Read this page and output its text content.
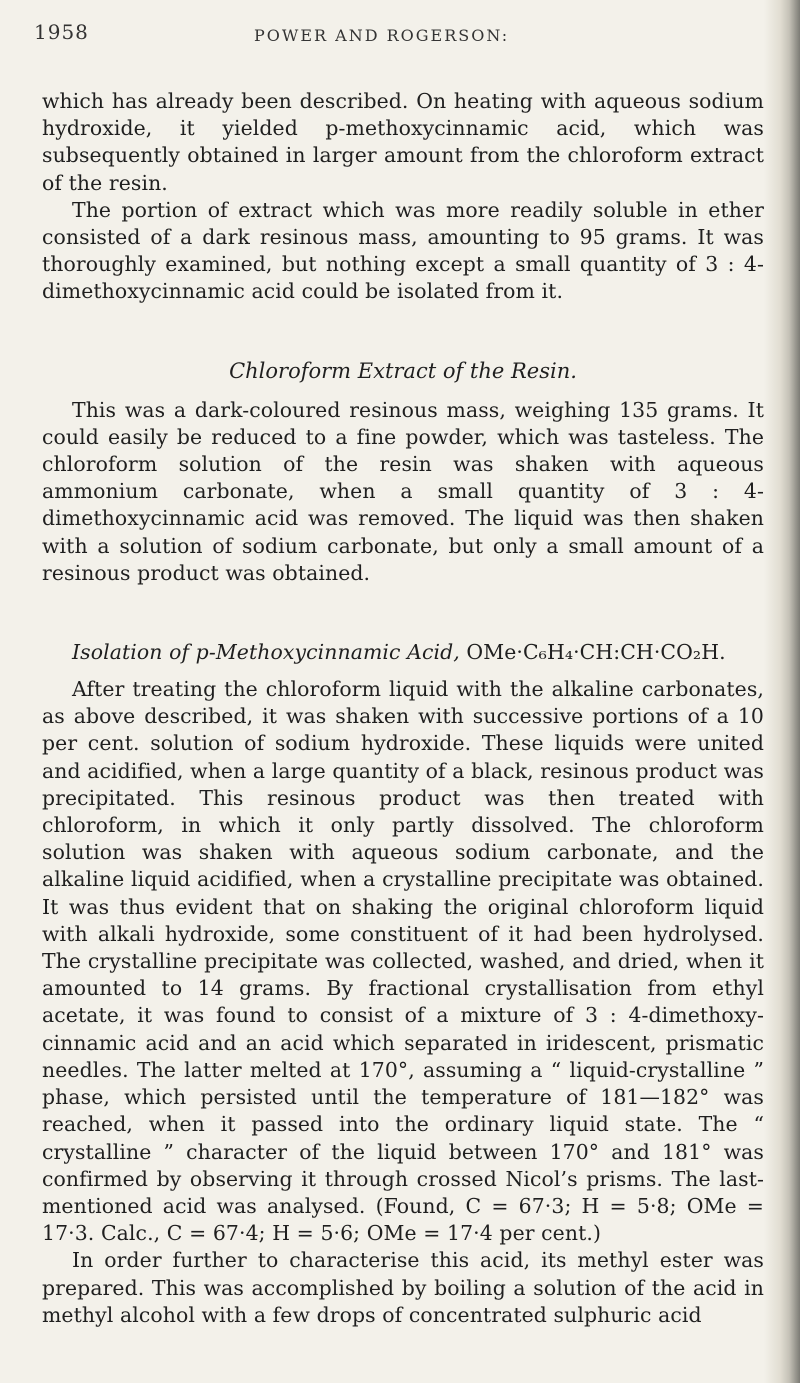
1958	POWER AND ROGERSON:

which has already been described. On heating with aqueous sodium hydroxide, it yielded p-methoxycinnamic acid, which was subsequently obtained in larger amount from the chloroform extract of the resin.

The portion of extract which was more readily soluble in ether consisted of a dark resinous mass, amounting to 95 grams. It was thoroughly examined, but nothing except a small quantity of 3 : 4-dimethoxycinnamic acid could be isolated from it.

Chloroform Extract of the Resin.

This was a dark-coloured resinous mass, weighing 135 grams. It could easily be reduced to a fine powder, which was tasteless. The chloroform solution of the resin was shaken with aqueous ammonium carbonate, when a small quantity of 3 : 4-dimethoxycinnamic acid was removed. The liquid was then shaken with a solution of sodium carbonate, but only a small amount of a resinous product was obtained.

Isolation of p-Methoxycinnamic Acid, OMe·C₆H₄·CH:CH·CO₂H.

After treating the chloroform liquid with the alkaline carbonates, as above described, it was shaken with successive portions of a 10 per cent. solution of sodium hydroxide. These liquids were united and acidified, when a large quantity of a black, resinous product was precipitated. This resinous product was then treated with chloroform, in which it only partly dissolved. The chloroform solution was shaken with aqueous sodium carbonate, and the alkaline liquid acidified, when a crystalline precipitate was obtained. It was thus evident that on shaking the original chloroform liquid with alkali hydroxide, some constituent of it had been hydrolysed. The crystalline precipitate was collected, washed, and dried, when it amounted to 14 grams. By fractional crystallisation from ethyl acetate, it was found to consist of a mixture of 3 : 4-dimethoxy-cinnamic acid and an acid which separated in iridescent, prismatic needles. The latter melted at 170°, assuming a “ liquid-crystalline ” phase, which persisted until the temperature of 181—182° was reached, when it passed into the ordinary liquid state. The “ crystalline ” character of the liquid between 170° and 181° was confirmed by observing it through crossed Nicol’s prisms. The last-mentioned acid was analysed. (Found, C = 67·3; H = 5·8; OMe = 17·3. Calc., C = 67·4; H = 5·6; OMe = 17·4 per cent.)

In order further to characterise this acid, its methyl ester was prepared. This was accomplished by boiling a solution of the acid in methyl alcohol with a few drops of concentrated sulphuric acid
